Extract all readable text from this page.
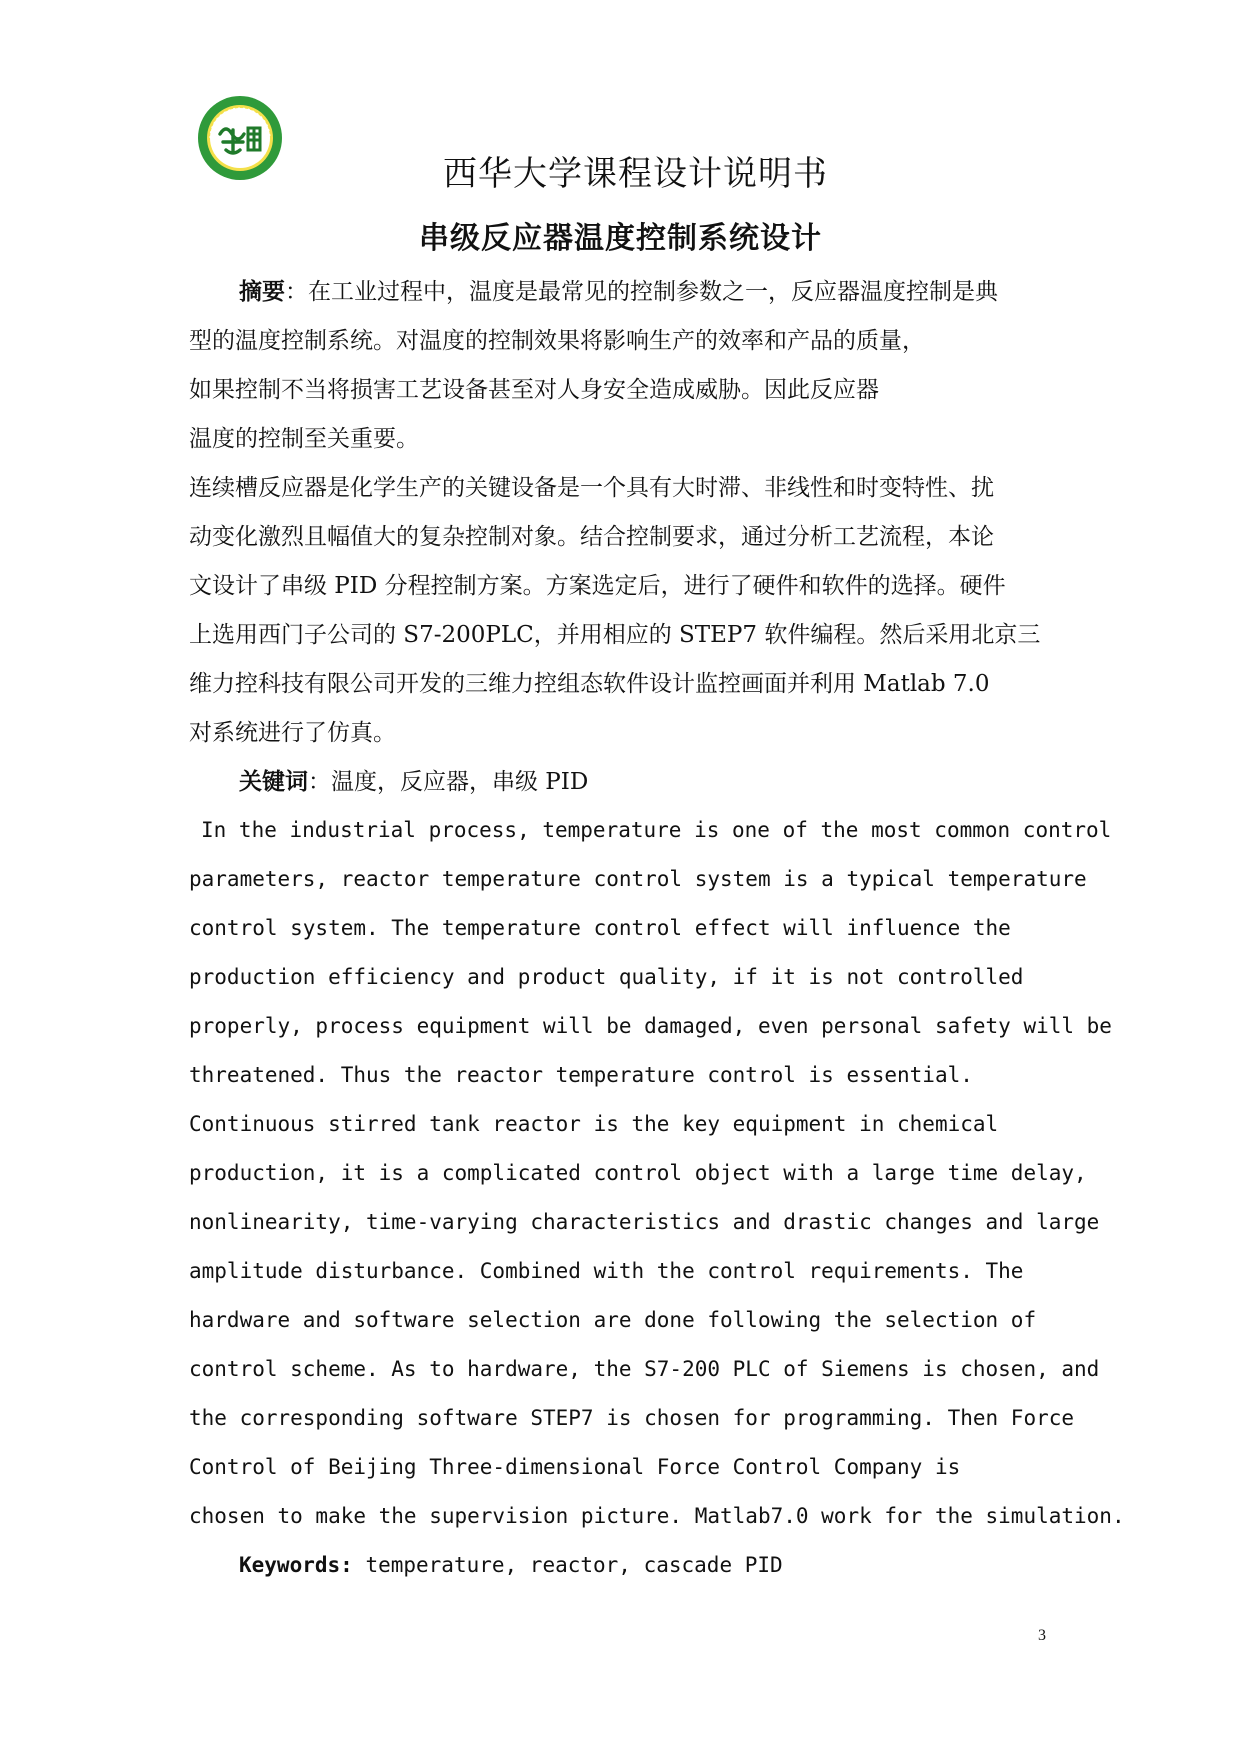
西华大学课程设计说明书
串级反应器温度控制系统设计
摘要：在工业过程中，温度是最常见的控制参数之一，反应器温度控制是典
型的温度控制系统。对温度的控制效果将影响生产的效率和产品的质量，
如果控制不当将损害工艺设备甚至对人身安全造成威胁。因此反应器
温度的控制至关重要。
连续槽反应器是化学生产的关键设备是一个具有大时滞、非线性和时变特性、扰
动变化激烈且幅值大的复杂控制对象。结合控制要求，通过分析工艺流程，本论
文设计了串级 PID 分程控制方案。方案选定后，进行了硬件和软件的选择。硬件
上选用西门子公司的 S7-200PLC，并用相应的 STEP7 软件编程。然后采用北京三
维力控科技有限公司开发的三维力控组态软件设计监控画面并利用 Matlab 7.0
对系统进行了仿真。
关键词：温度，反应器，串级 PID
In the industrial process, temperature is one of the most common control
parameters, reactor temperature control system is a typical temperature
control system. The temperature control effect will influence the
production efficiency and product quality, if it is not controlled
properly, process equipment will be damaged, even personal safety will be
threatened. Thus the reactor temperature control is essential.
Continuous stirred tank reactor is the key equipment in chemical
production, it is a complicated control object with a large time delay,
nonlinearity, time-varying characteristics and drastic changes and large
amplitude disturbance. Combined with the control requirements. The
hardware and software selection are done following the selection of
control scheme. As to hardware, the S7-200 PLC of Siemens is chosen, and
the corresponding software STEP7 is chosen for programming. Then Force
Control of Beijing Three-dimensional Force Control Company is
chosen to make the supervision picture. Matlab7.0 work for the simulation.
Keywords: temperature, reactor, cascade PID
3
